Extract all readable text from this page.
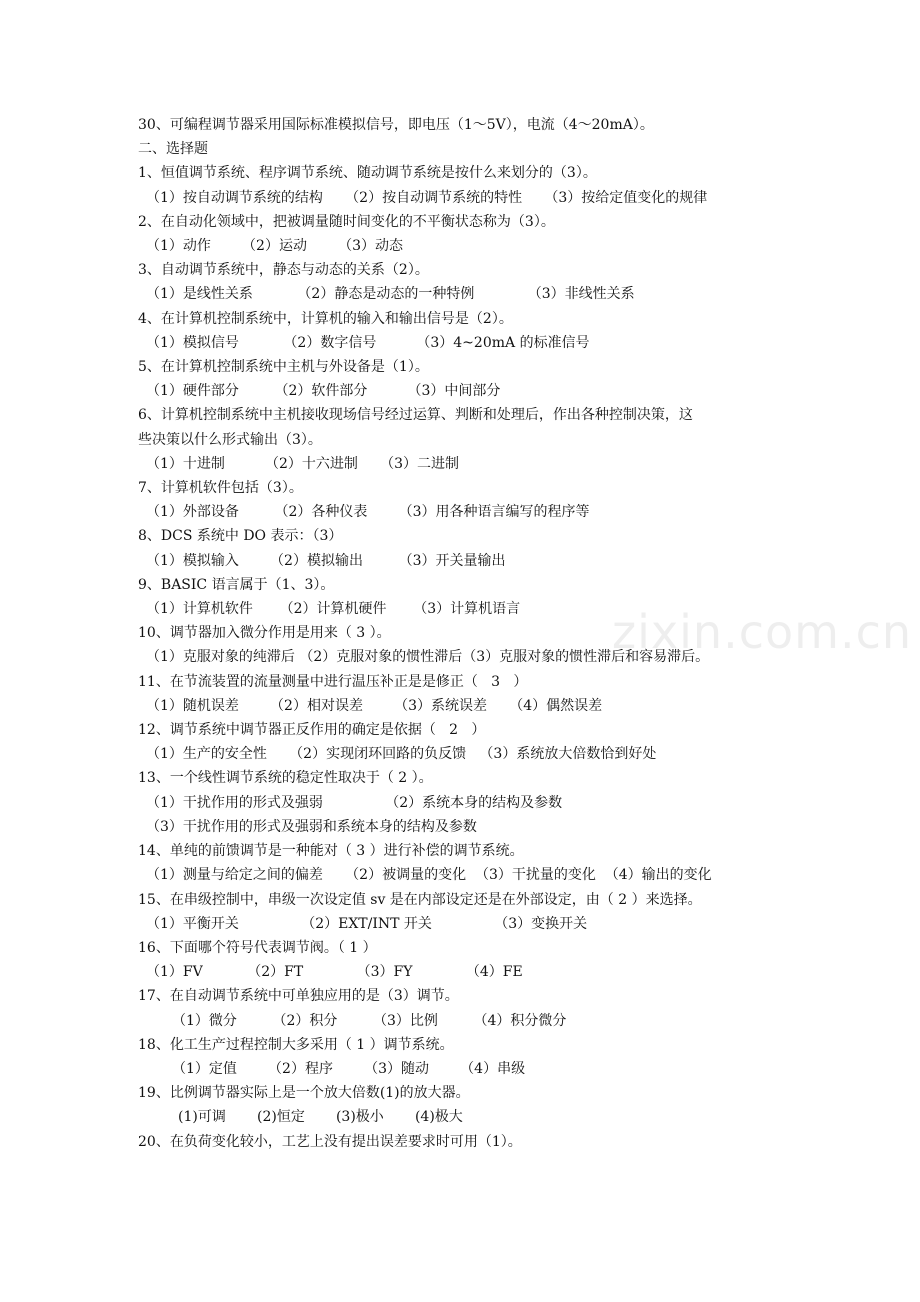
30、可编程调节器采用国际标准模拟信号，即电压（1～5V），电流（4～20mA）。

二、选择题

1、恒值调节系统、程序调节系统、随动调节系统是按什么来划分的（3）。

（1）按自动调节系统的结构     （2）按自动调节系统的特性     （3）按给定值变化的规律

2、在自动化领域中，把被调量随时间变化的不平衡状态称为（3）。

（1）动作       （2）运动       （3）动态

3、自动调节系统中，静态与动态的关系（2）。

（1）是线性关系          （2）静态是动态的一种特例            （3）非线性关系

4、在计算机控制系统中，计算机的输入和输出信号是（2）。

（1）模拟信号          （2）数字信号         （3）4~20mA 的标准信号

5、在计算机控制系统中主机与外设备是（1）。

（1）硬件部分        （2）软件部分         （3）中间部分

6、计算机控制系统中主机接收现场信号经过运算、判断和处理后，作出各种控制决策，这

些决策以什么形式输出（3）。

（1）十进制         （2）十六进制     （3）二进制

7、计算机软件包括（3）。

（1）外部设备        （2）各种仪表       （3）用各种语言编写的程序等

8、DCS 系统中 DO 表示：（3）

（1）模拟输入       （2）模拟输出        （3）开关量输出

9、BASIC 语言属于（1、3）。

（1）计算机软件      （2）计算机硬件      （3）计算机语言

10、调节器加入微分作用是用来（ 3 ）。

（1）克服对象的纯滞后 （2）克服对象的惯性滞后（3）克服对象的惯性滞后和容易滞后。

11、在节流装置的流量测量中进行温压补正是是修正（   3   ）

（1）随机误差       （2）相对误差       （3）系统误差     （4）偶然误差

12、调节系统中调节器正反作用的确定是依据（   2   ）

（1）生产的安全性     （2）实现闭环回路的负反馈   （3）系统放大倍数恰到好处

13、一个线性调节系统的稳定性取决于（ 2 ）。

（1）干扰作用的形式及强弱              （2）系统本身的结构及参数

（3）干扰作用的形式及强弱和系统本身的结构及参数

14、单纯的前馈调节是一种能对（ 3 ）进行补偿的调节系统。

（1）测量与给定之间的偏差     （2）被调量的变化  （3）干扰量的变化  （4）输出的变化

15、在串级控制中，串级一次设定值 sv 是在内部设定还是在外部设定，由（ 2 ）来选择。

（1）平衡开关              （2）EXT/INT 开关              （3）变换开关

16、下面哪个符号代表调节阀。（ 1 ）

（1）FV          （2）FT            （3）FY            （4）FE

17、在自动调节系统中可单独应用的是（3）调节。

（1）微分        （2）积分        （3）比例        （4）积分微分

18、化工生产过程控制大多采用（ 1 ）调节系统。

（1）定值       （2）程序       （3）随动       （4）串级

19、比例调节器实际上是一个放大倍数(1)的放大器。

(1)可调       (2)恒定       (3)极小       (4)极大

20、在负荷变化较小，工艺上没有提出误差要求时可用（1）。

zixin.com.cn
